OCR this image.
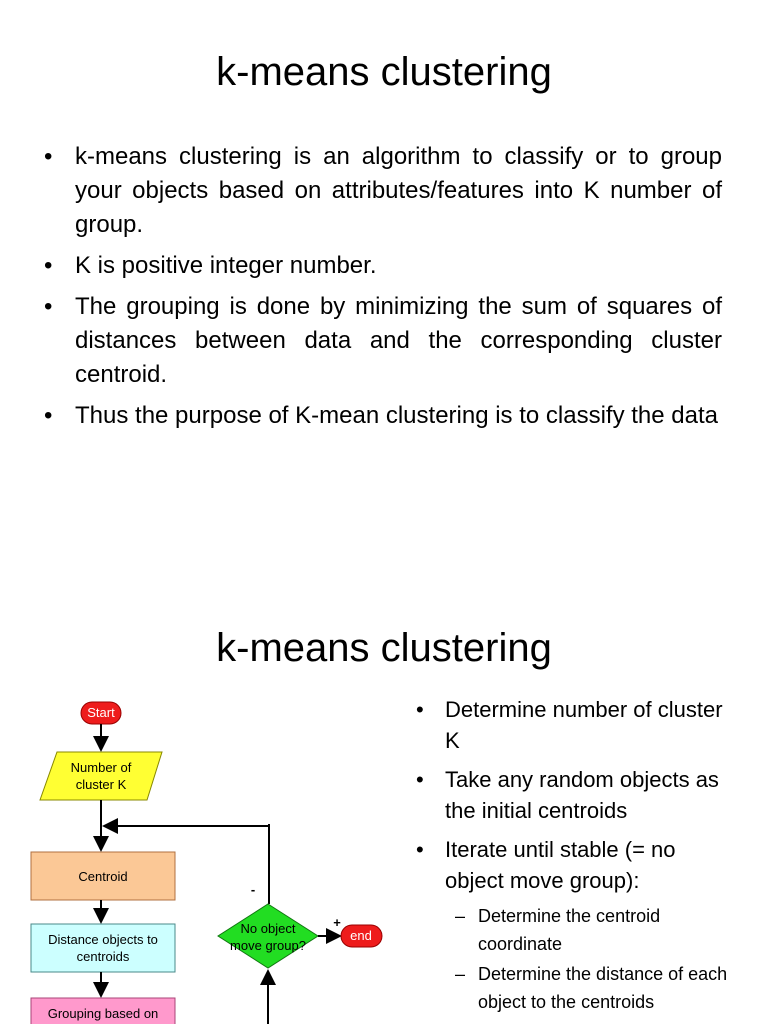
k-means clustering
• k-means clustering is an algorithm to classify or to group your objects based on attributes/features into K number of group.
• K is positive integer number.
• The grouping is done by minimizing the sum of squares of distances between data and the corresponding cluster centroid.
• Thus the purpose of K-mean clustering is to classify the data
k-means clustering
Start
Number of
cluster K
Centroid
Distance objects to
centroids
Grouping based on
No object
move group?
-
+
end
• Determine number of cluster K
• Take any random objects as the initial centroids
• Iterate until stable (= no object move group):
– Determine the centroid coordinate
– Determine the distance of each object to the centroids
